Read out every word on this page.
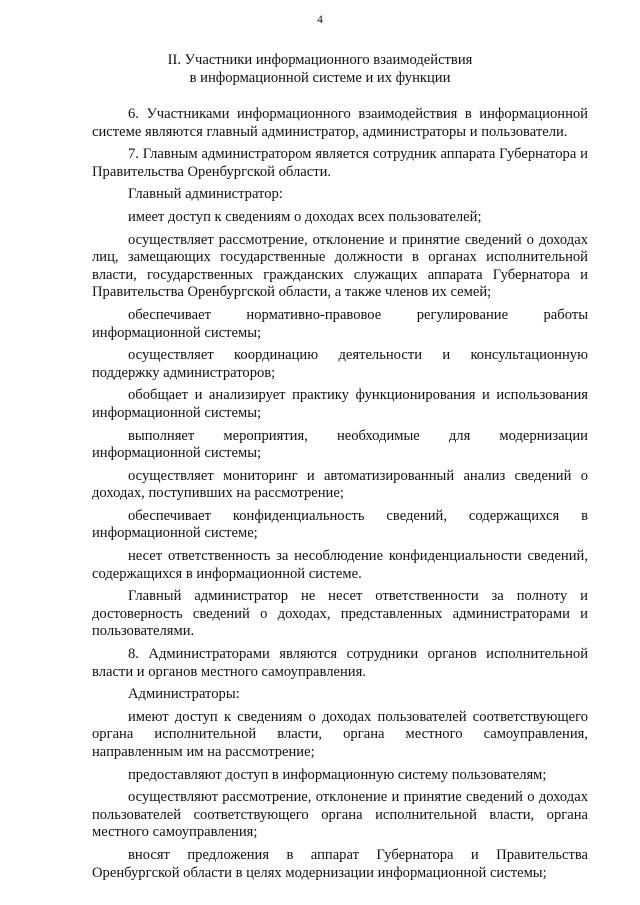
4
II. Участники информационного взаимодействия
в информационной системе и их функции

6. Участниками информационного взаимодействия в информационной системе являются главный администратор, администраторы и пользователи.

7. Главным администратором является сотрудник аппарата Губернатора и Правительства Оренбургской области.

Главный администратор:

имеет доступ к сведениям о доходах всех пользователей;

осуществляет рассмотрение, отклонение и принятие сведений о доходах лиц, замещающих государственные должности в органах исполнительной власти, государственных гражданских служащих аппарата Губернатора и Правительства Оренбургской области, а также членов их семей;

обеспечивает нормативно-правовое регулирование работы информационной системы;

осуществляет координацию деятельности и консультационную поддержку администраторов;

обобщает и анализирует практику функционирования и использования информационной системы;

выполняет мероприятия, необходимые для модернизации информационной системы;

осуществляет мониторинг и автоматизированный анализ сведений о доходах, поступивших на рассмотрение;

обеспечивает конфиденциальность сведений, содержащихся в информационной системе;

несет ответственность за несоблюдение конфиденциальности сведений, содержащихся в информационной системе.

Главный администратор не несет ответственности за полноту и достоверность сведений о доходах, представленных администраторами и пользователями.

8. Администраторами являются сотрудники органов исполнительной власти и органов местного самоуправления.

Администраторы:

имеют доступ к сведениям о доходах пользователей соответствующего органа исполнительной власти, органа местного самоуправления, направленным им на рассмотрение;

предоставляют доступ в информационную систему пользователям;

осуществляют рассмотрение, отклонение и принятие сведений о доходах пользователей соответствующего органа исполнительной власти, органа местного самоуправления;

вносят предложения в аппарат Губернатора и Правительства Оренбургской области в целях модернизации информационной системы;
